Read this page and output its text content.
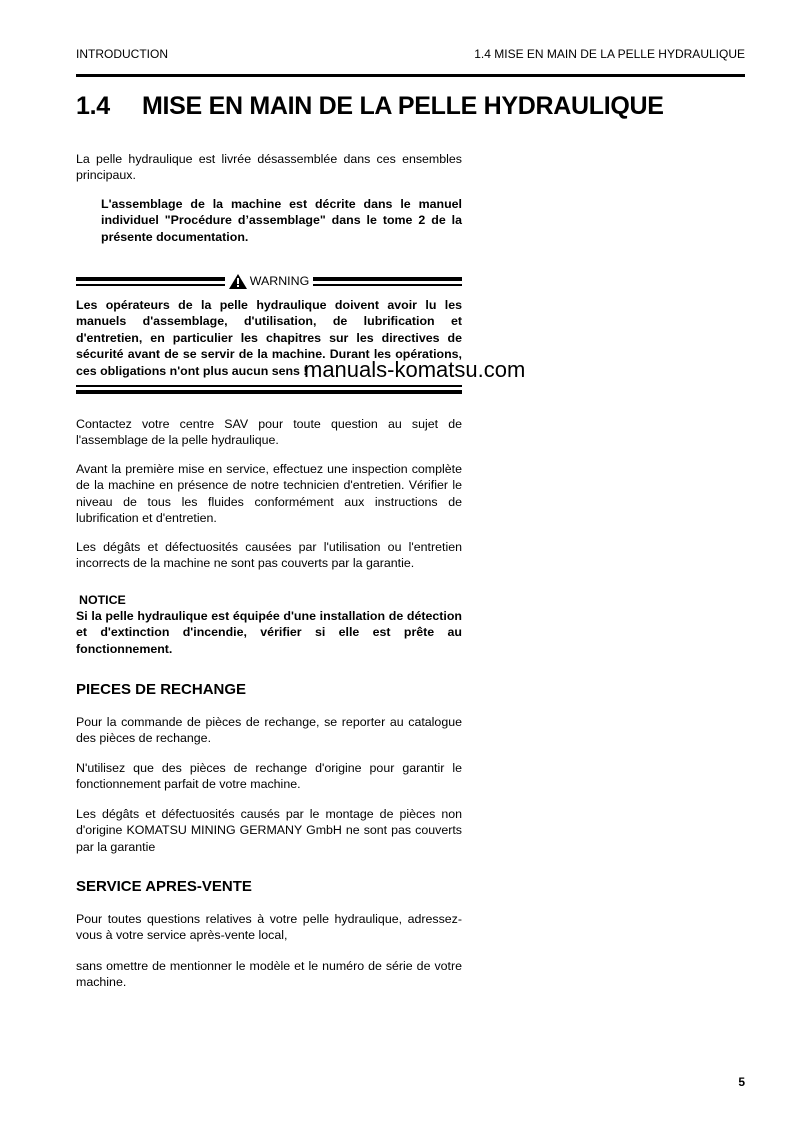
INTRODUCTION	1.4 MISE EN MAIN DE LA PELLE HYDRAULIQUE
1.4 MISE EN MAIN DE LA PELLE HYDRAULIQUE
La pelle hydraulique est livrée désassemblée dans ces ensembles principaux.
L'assemblage de la machine est décrite dans le manuel individuel "Procédure d’assemblage" dans le tome 2 de la présente documentation.
WARNING
Les opérateurs de la pelle hydraulique doivent avoir lu les manuels d'assemblage, d'utilisation, de lubrification et d'entretien, en particulier les chapitres sur les directives de sécurité avant de se servir de la machine. Durant les opérations, ces obligations n'ont plus aucun sens !
manuals-komatsu.com
Contactez votre centre SAV pour toute question au sujet de l'assemblage de la pelle hydraulique.
Avant la première mise en service, effectuez une inspection complète de la machine en présence de notre technicien d'entretien. Vérifier le niveau de tous les fluides conformément aux instructions de lubrification et d'entretien.
Les dégâts et défectuosités causées par l'utilisation ou l'entretien incorrects de la machine ne sont pas couverts par la garantie.
NOTICE
Si la pelle hydraulique est équipée d'une installation de détection et d'extinction d'incendie, vérifier si elle est prête au fonctionnement.
PIECES DE RECHANGE
Pour la commande de pièces de rechange, se reporter au catalogue des pièces de rechange.
N'utilisez que des pièces de rechange d'origine pour garantir le fonctionnement parfait de votre machine.
Les dégâts et défectuosités causés par le montage de pièces non d'origine KOMATSU MINING GERMANY GmbH ne sont pas couverts par la garantie
SERVICE APRES-VENTE
Pour toutes questions relatives à votre pelle hydraulique, adressez-vous à votre service après-vente local,
sans omettre de mentionner le modèle et le numéro de série de votre machine.
5
